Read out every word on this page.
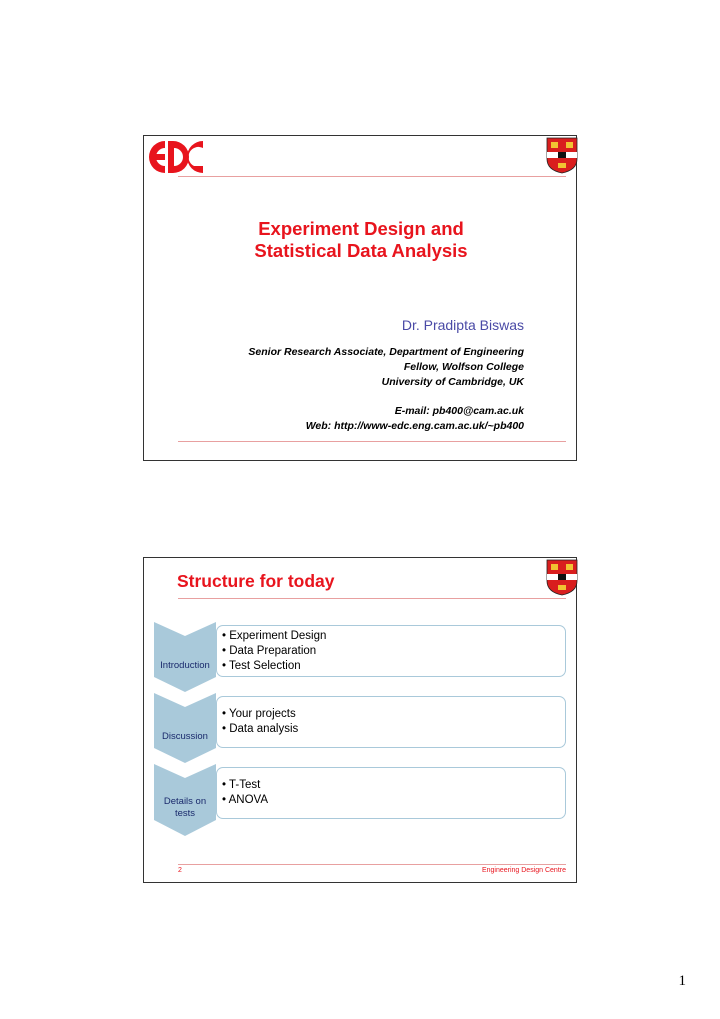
Experiment Design and
Statistical Data Analysis
Dr. Pradipta Biswas
Senior Research Associate, Department of Engineering
Fellow, Wolfson College
University of Cambridge, UK
E-mail: pb400@cam.ac.uk
Web: http://www-edc.eng.cam.ac.uk/~pb400
Structure for today
Introduction
• Experiment Design
• Data Preparation
• Test Selection
Discussion
• Your projects
• Data analysis
Details on tests
• T-Test
• ANOVA
2	Engineering Design Centre
1
